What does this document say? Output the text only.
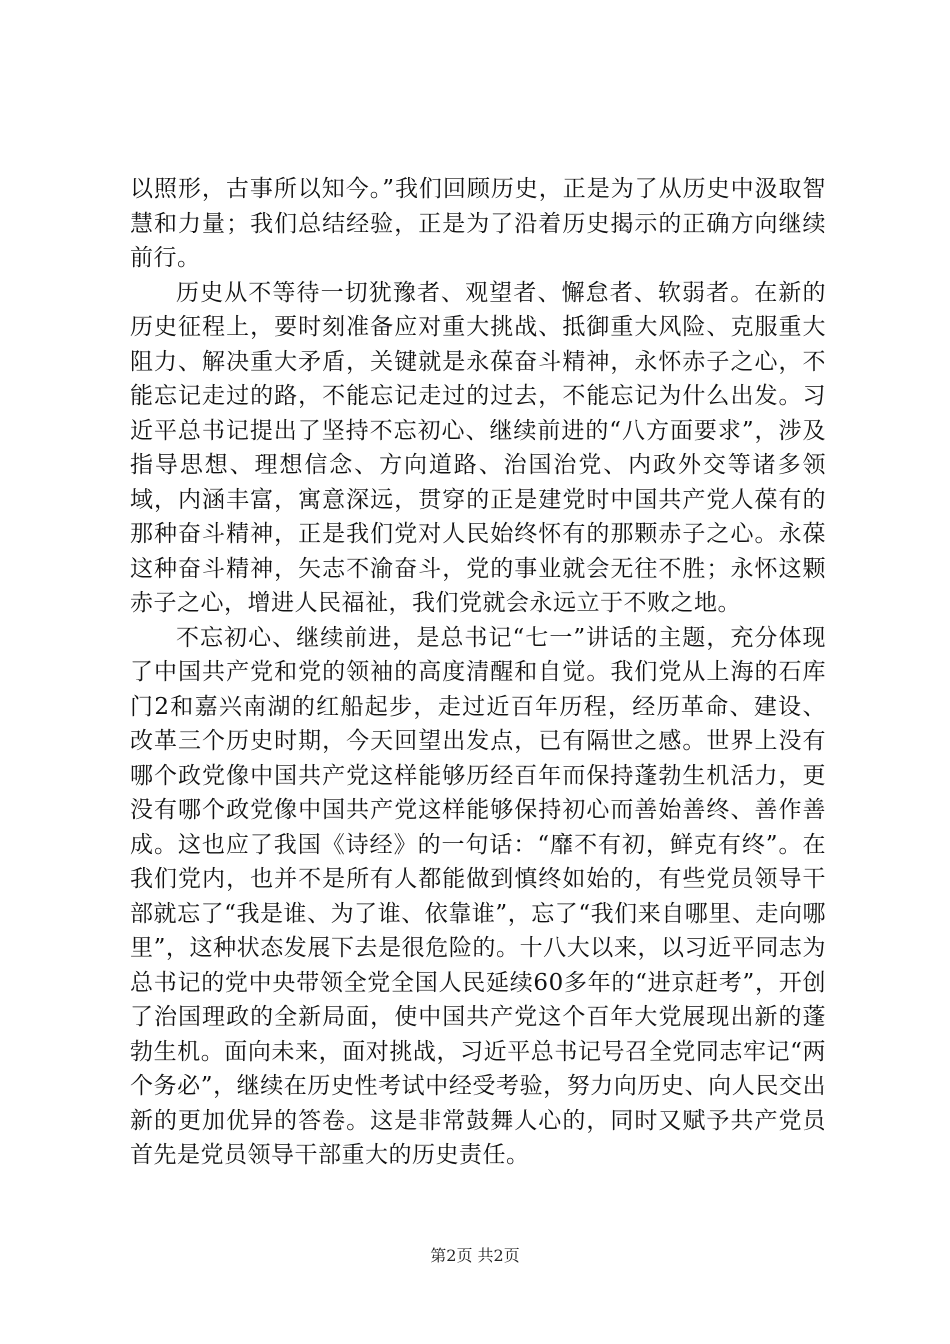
以照形，古事所以知今。”我们回顾历史，正是为了从历史中汲取智慧和力量；我们总结经验，正是为了沿着历史揭示的正确方向继续前行。

历史从不等待一切犹豫者、观望者、懈怠者、软弱者。在新的历史征程上，要时刻准备应对重大挑战、抵御重大风险、克服重大阻力、解决重大矛盾，关键就是永葆奋斗精神，永怀赤子之心，不能忘记走过的路，不能忘记走过的过去，不能忘记为什么出发。习近平总书记提出了坚持不忘初心、继续前进的“八方面要求”，涉及指导思想、理想信念、方向道路、治国治党、内政外交等诸多领域，内涵丰富，寓意深远，贯穿的正是建党时中国共产党人葆有的那种奋斗精神，正是我们党对人民始终怀有的那颗赤子之心。永葆这种奋斗精神，矢志不渝奋斗，党的事业就会无往不胜；永怀这颗赤子之心，增进人民福祉，我们党就会永远立于不败之地。

不忘初心、继续前进，是总书记“七一”讲话的主题，充分体现了中国共产党和党的领袖的高度清醒和自觉。我们党从上海的石库门2和嘉兴南湖的红船起步，走过近百年历程，经历革命、建设、改革三个历史时期，今天回望出发点，已有隔世之感。世界上没有哪个政党像中国共产党这样能够历经百年而保持蓬勃生机活力，更没有哪个政党像中国共产党这样能够保持初心而善始善终、善作善成。这也应了我国《诗经》的一句话：“靡不有初，鲜克有终”。在我们党内，也并不是所有人都能做到慎终如始的，有些党员领导干部就忘了“我是谁、为了谁、依靠谁”，忘了“我们来自哪里、走向哪里”，这种状态发展下去是很危险的。十八大以来，以习近平同志为总书记的党中央带领全党全国人民延续60多年的“进京赶考”，开创了治国理政的全新局面，使中国共产党这个百年大党展现出新的蓬勃生机。面向未来，面对挑战，习近平总书记号召全党同志牢记“两个务必”，继续在历史性考试中经受考验，努力向历史、向人民交出新的更加优异的答卷。这是非常鼓舞人心的，同时又赋予共产党员首先是党员领导干部重大的历史责任。

第2页 共2页
